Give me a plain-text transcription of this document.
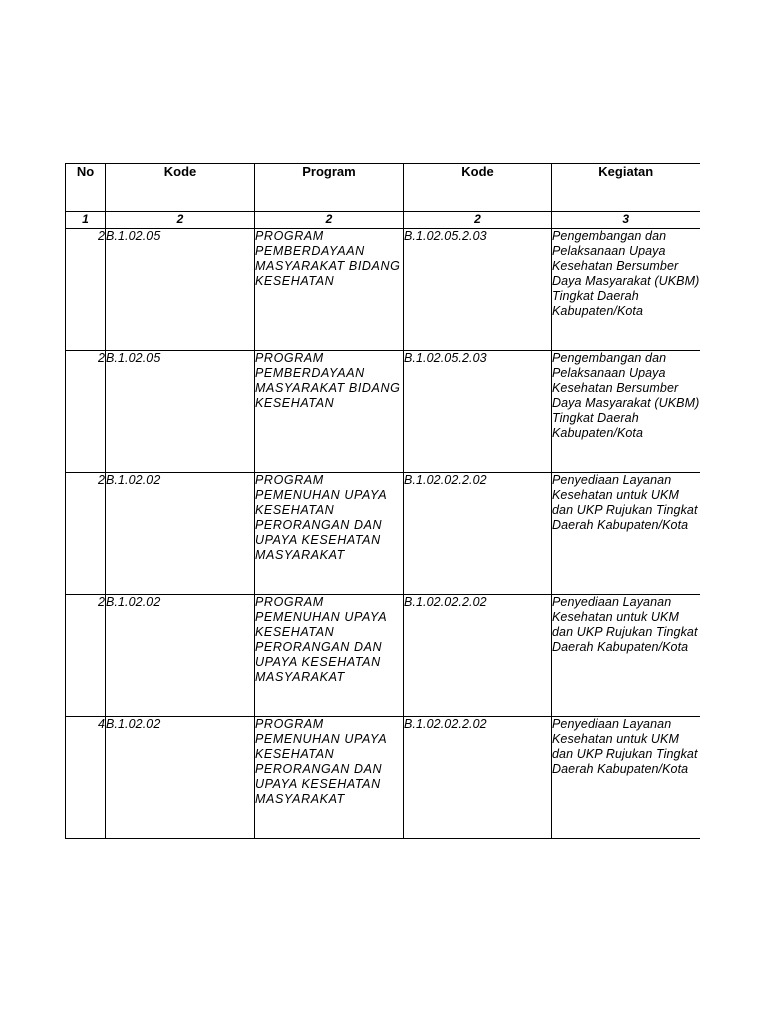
No	Kode	Program	Kode	Kegiatan
1	2	2	2	3
2	B.1.02.05	PROGRAM PEMBERDAYAAN MASYARAKAT BIDANG KESEHATAN	B.1.02.05.2.03	Pengembangan dan Pelaksanaan Upaya Kesehatan Bersumber Daya Masyarakat (UKBM) Tingkat Daerah Kabupaten/Kota
2	B.1.02.05	PROGRAM PEMBERDAYAAN MASYARAKAT BIDANG KESEHATAN	B.1.02.05.2.03	Pengembangan dan Pelaksanaan Upaya Kesehatan Bersumber Daya Masyarakat (UKBM) Tingkat Daerah Kabupaten/Kota
2	B.1.02.02	PROGRAM PEMENUHAN UPAYA KESEHATAN PERORANGAN DAN UPAYA KESEHATAN MASYARAKAT	B.1.02.02.2.02	Penyediaan Layanan Kesehatan untuk UKM dan UKP Rujukan Tingkat Daerah Kabupaten/Kota
2	B.1.02.02	PROGRAM PEMENUHAN UPAYA KESEHATAN PERORANGAN DAN UPAYA KESEHATAN MASYARAKAT	B.1.02.02.2.02	Penyediaan Layanan Kesehatan untuk UKM dan UKP Rujukan Tingkat Daerah Kabupaten/Kota
4	B.1.02.02	PROGRAM PEMENUHAN UPAYA KESEHATAN PERORANGAN DAN UPAYA KESEHATAN MASYARAKAT	B.1.02.02.2.02	Penyediaan Layanan Kesehatan untuk UKM dan UKP Rujukan Tingkat Daerah Kabupaten/Kota
